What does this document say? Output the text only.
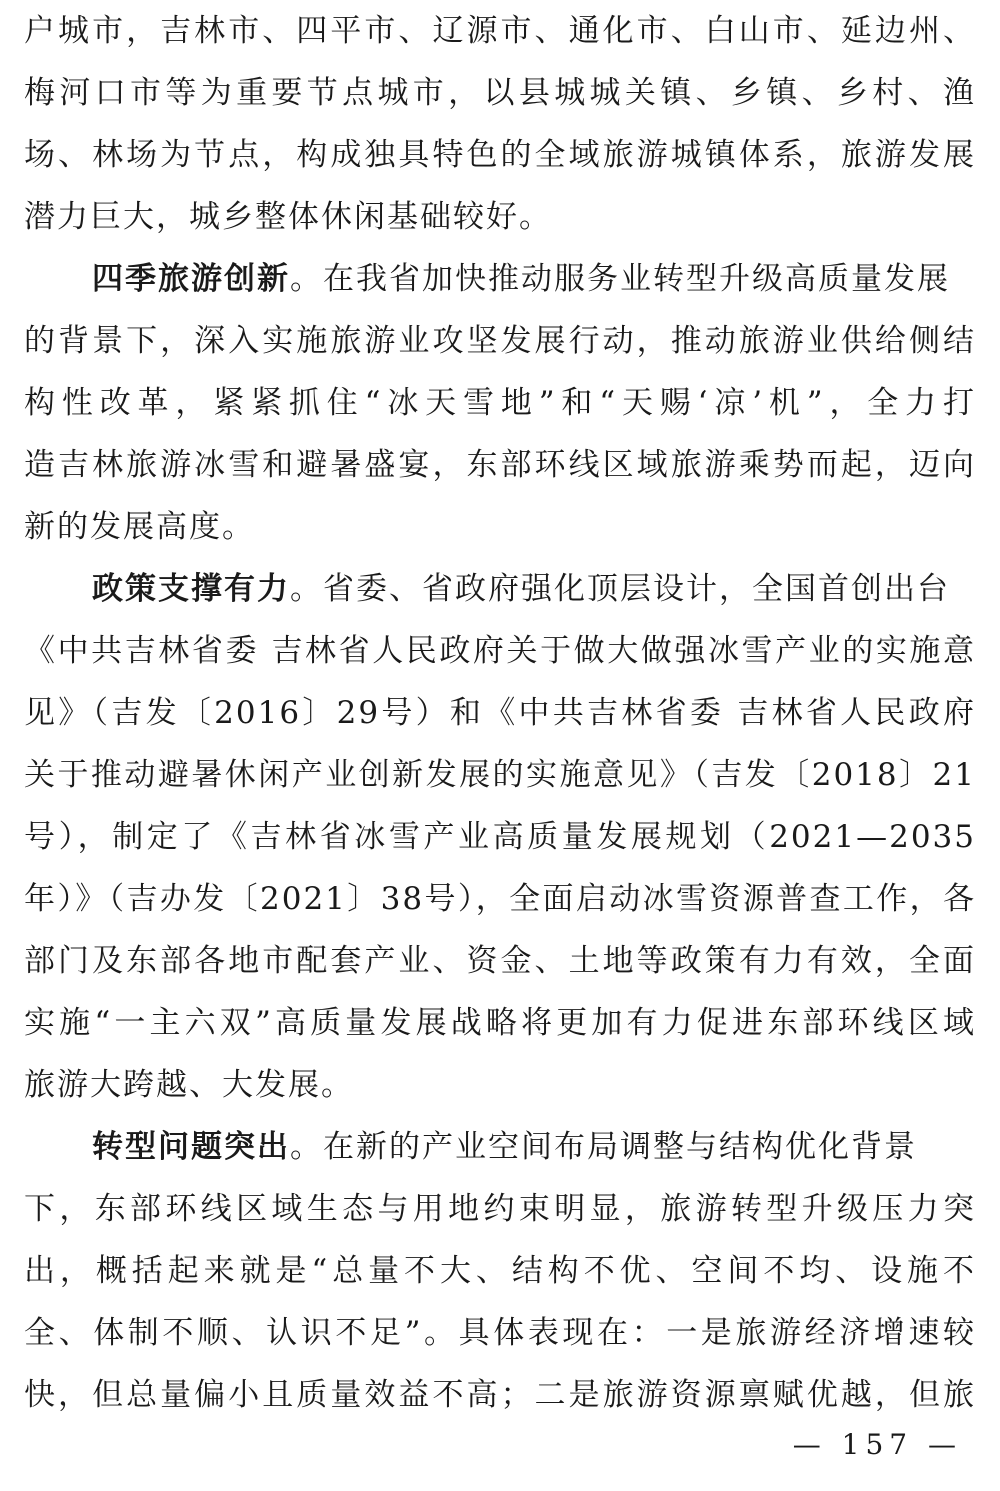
户城市，吉林市、四平市、辽源市、通化市、白山市、延边州、
梅河口市等为重要节点城市，以县城城关镇、乡镇、乡村、渔
场、林场为节点，构成独具特色的全域旅游城镇体系，旅游发展
潜力巨大，城乡整体休闲基础较好。
四季旅游创新。在我省加快推动服务业转型升级高质量发展
的背景下，深入实施旅游业攻坚发展行动，推动旅游业供给侧结
构性改革，紧紧抓住“冰天雪地”和“天赐‘凉’机”，全力打
造吉林旅游冰雪和避暑盛宴，东部环线区域旅游乘势而起，迈向
新的发展高度。
政策支撑有力。省委、省政府强化顶层设计，全国首创出台
《中共吉林省委 吉林省人民政府关于做大做强冰雪产业的实施意
见》（吉发〔2016〕29号）和《中共吉林省委 吉林省人民政府
关于推动避暑休闲产业创新发展的实施意见》（吉发〔2018〕21
号），制定了《吉林省冰雪产业高质量发展规划（2021—2035
年）》（吉办发〔2021〕38号），全面启动冰雪资源普查工作，各
部门及东部各地市配套产业、资金、土地等政策有力有效，全面
实施“一主六双”高质量发展战略将更加有力促进东部环线区域
旅游大跨越、大发展。
转型问题突出。在新的产业空间布局调整与结构优化背景
下，东部环线区域生态与用地约束明显，旅游转型升级压力突
出，概括起来就是“总量不大、结构不优、空间不均、设施不
全、体制不顺、认识不足”。具体表现在：一是旅游经济增速较
快，但总量偏小且质量效益不高；二是旅游资源禀赋优越，但旅
— 157 —
